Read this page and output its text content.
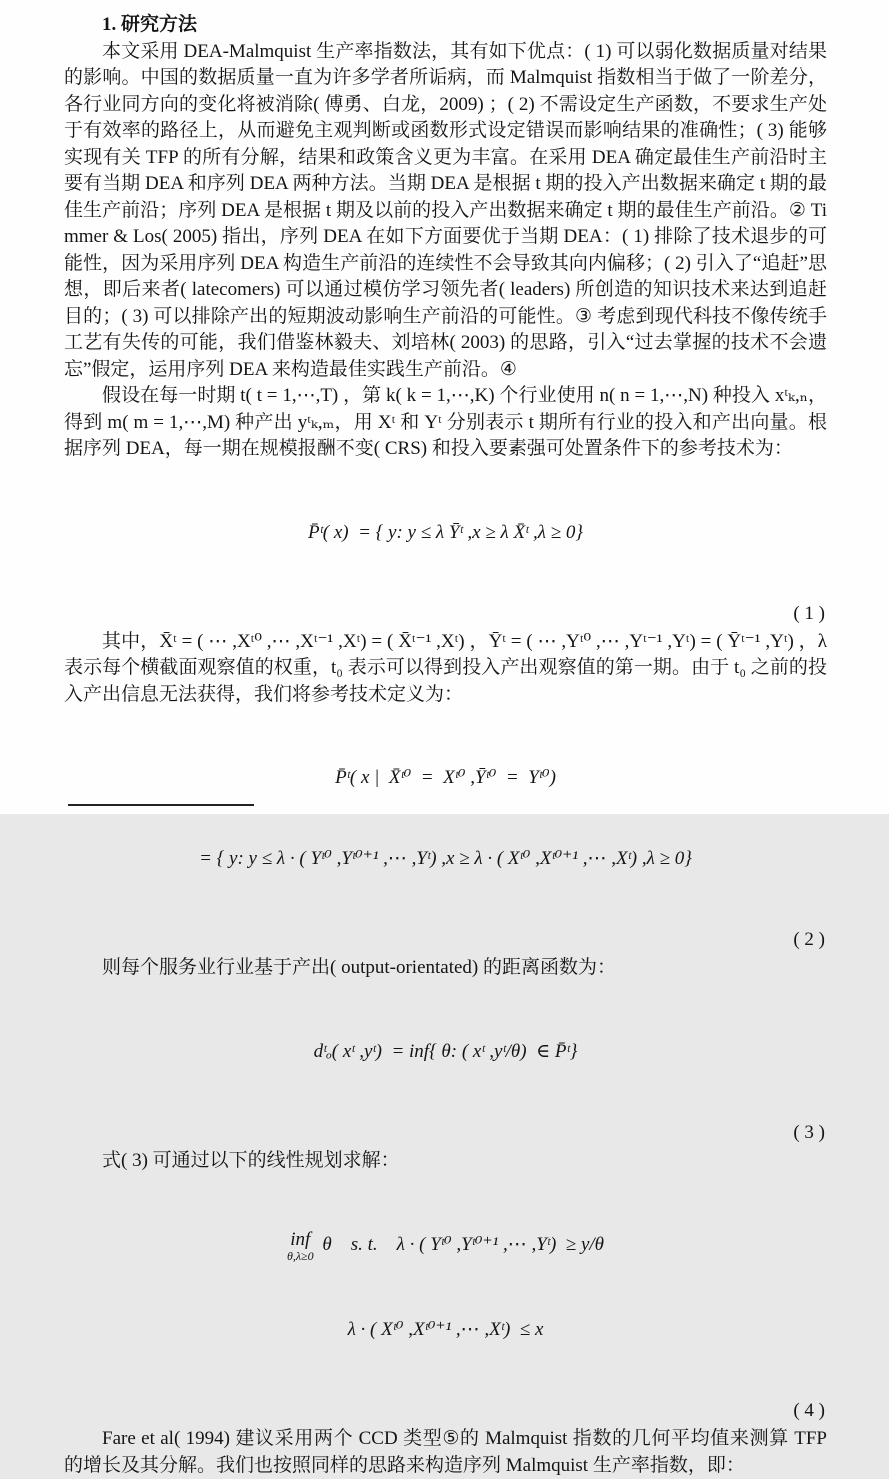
1. 研究方法

本文采用 DEA-Malmquist 生产率指数法，其有如下优点：( 1) 可以弱化数据质量对结果的影响。中国的数据质量一直为许多学者所诟病，而 Malmquist 指数相当于做了一阶差分，各行业同方向的变化将被消除( 傅勇、白龙，2009) ；( 2) 不需设定生产函数，不要求生产处于有效率的路径上，从而避免主观判断或函数形式设定错误而影响结果的准确性；( 3) 能够实现有关 TFP 的所有分解，结果和政策含义更为丰富。在采用 DEA 确定最佳生产前沿时主要有当期 DEA 和序列 DEA 两种方法。当期 DEA 是根据 t 期的投入产出数据来确定 t 期的最佳生产前沿；序列 DEA 是根据 t 期及以前的投入产出数据来确定 t 期的最佳生产前沿。② Timmer & Los( 2005) 指出，序列 DEA 在如下方面要优于当期 DEA：( 1) 排除了技术退步的可能性，因为采用序列 DEA 构造生产前沿的连续性不会导致其向内偏移；( 2) 引入了“追赶”思想，即后来者( latecomers) 可以通过模仿学习领先者( leaders) 所创造的知识技术来达到追赶目的；( 3) 可以排除产出的短期波动影响生产前沿的可能性。③ 考虑到现代科技不像传统手工艺有失传的可能，我们借鉴林毅夫、刘培林( 2003) 的思路，引入“过去掌握的技术不会遗忘”假定，运用序列 DEA 来构造最佳实践生产前沿。④

假设在每一时期 t( t = 1,⋯,T) ，第 k( k = 1,⋯,K) 个行业使用 n( n = 1,⋯,N) 种投入 xᵗₖ,ₙ，得到 m( m = 1,⋯,M) 种产出 yᵗₖ,ₘ，用 Xᵗ 和 Yᵗ 分别表示 t 期所有行业的投入和产出向量。根据序列 DEA，每一期在规模报酬不变( CRS) 和投入要素强可处置条件下的参考技术为：

P̄ᵗ( x)  = { y: y ≤ λ Ȳᵗ ,x ≥ λ X̄ᵗ ,λ ≥ 0}

( 1 )

其中，X̄ᵗ = ( ⋯ ,Xᵗ⁰ ,⋯ ,Xᵗ⁻¹ ,Xᵗ) = ( X̄ᵗ⁻¹ ,Xᵗ) ，Ȳᵗ = ( ⋯ ,Yᵗ⁰ ,⋯ ,Yᵗ⁻¹ ,Yᵗ) = ( Ȳᵗ⁻¹ ,Yᵗ) ，λ 表示每个横截面观察值的权重，t₀ 表示可以得到投入产出观察值的第一期。由于 t₀ 之前的投入产出信息无法获得，我们将参考技术定义为：

P̄ᵗ( x |  X̄ᵗ⁰  =  Xᵗ⁰ ,Ȳᵗ⁰  =  Yᵗ⁰)

= { y: y ≤ λ · ( Yᵗ⁰ ,Yᵗ⁰⁺¹ ,⋯ ,Yᵗ) ,x ≥ λ · ( Xᵗ⁰ ,Xᵗ⁰⁺¹ ,⋯ ,Xᵗ) ,λ ≥ 0}

( 2 )

则每个服务业行业基于产出( output-orientated) 的距离函数为：

dᵗₒ( xᵗ ,yᵗ)  = inf{ θ: ( xᵗ ,yᵗ/θ)  ∈ P̄ᵗ}

( 3 )

式( 3) 可通过以下的线性规划求解：

inf
θ,λ≥0
θ    s. t.    λ · ( Yᵗ⁰ ,Yᵗ⁰⁺¹ ,⋯ ,Yᵗ)  ≥ y/θ

λ · ( Xᵗ⁰ ,Xᵗ⁰⁺¹ ,⋯ ,Xᵗ)  ≤ x

( 4 )

Fare et al( 1994) 建议采用两个 CCD 类型⑤的 Malmquist 指数的几何平均值来测算 TFP 的增长及其分解。我们也按照同样的思路来构造序列 Malmquist 生产率指数，即：
